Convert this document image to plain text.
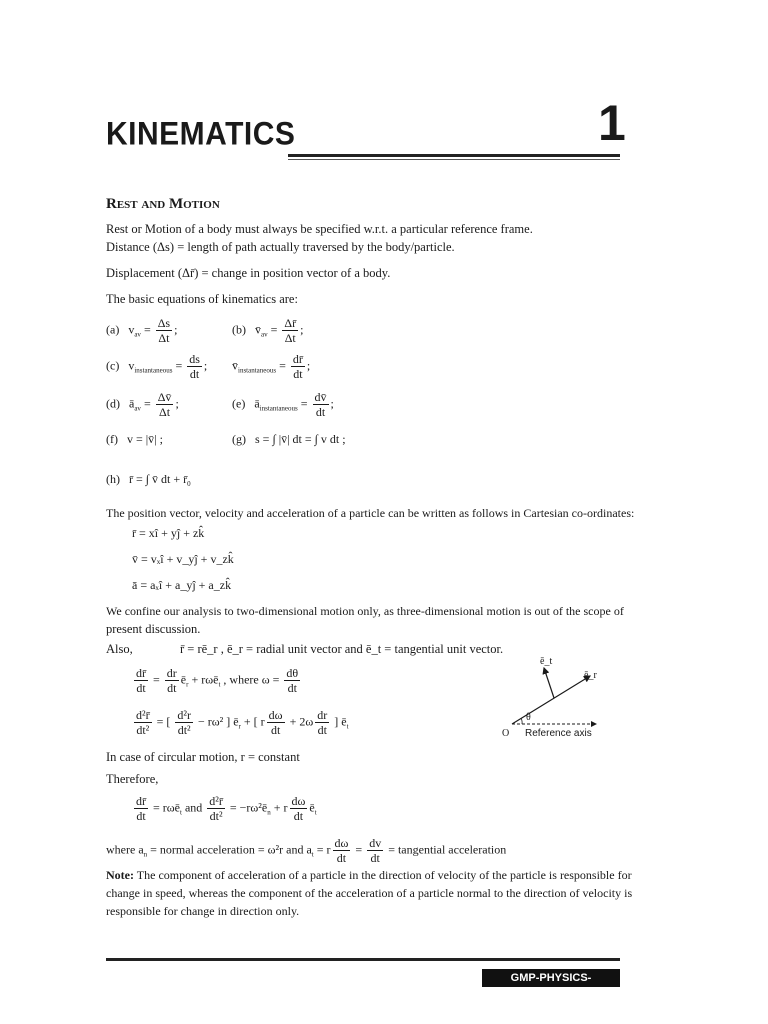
KINEMATICS	1
Rest and Motion
Rest or Motion of a body must always be specified w.r.t. a particular reference frame.
Distance (Δs) = length of path actually traversed by the body/particle.
Displacement (Δr̄) = change in position vector of a body.
The basic equations of kinematics are:
(a)   $v_{av} = \frac{\Delta s}{\Delta t}$ ;	(b)   $v̄_{av} = \frac{\Delta r̄}{\Delta t}$ ;
(c)   $v_{instantaneous} = \frac{ds}{dt}$ ; $v̄_{instantaneous} = \frac{dr̄}{dt}$ ;
(d)   $ā_{av} = \frac{\Delta v̄}{\Delta t}$ ;	(e)   $ā_{instantaneous} = \frac{dv̄}{dt}$ ;
(f)   v = |v̄| ;	(g)   s = ∫ |v̄| dt = ∫ v dt ;
(h)   r̄ = ∫ v̄ dt + $r̄_0$
The position vector, velocity and acceleration of a particle can be written as follows in Cartesian co-ordinates:
r̄ = xî + yĵ + zk̂
v̄ = vₓî + v_yĵ + v_zk̂
ā = aₓî + a_yĵ + a_zk̂
We confine our analysis to two-dimensional motion only, as three-dimensional motion is out of the scope of
present discussion.
Also,	r̄ = rē_r , ē_r = radial unit vector and ē_t = tangential unit vector.
$\frac{dr̄}{dt} = \frac{dr}{dt}$ $ē_r$ + rωē$_t$ , where $\omega = \frac{d\theta}{dt}$
$\frac{\text{d²r̄}}{\text{dt²}}$ = [ $\frac{\text{d²r}}{\text{dt²}} - r\omega^2$ ] $ē_r$ + [ r $\frac{d\omega}{dt} + 2\omega \frac{dr}{dt}$ ] $ē_t$
θ
ē_t
ē_r
O Reference axis
In case of circular motion, r = constant
Therefore,
$\frac{dr̄}{dt}$ = rωē$_t$ and $\frac{\text{d²r̄}}{\text{dt²}}$ = $-r\omega^2ē_n + r \frac{d\omega}{dt}$ $ē_t$
where $a_n$ = normal acceleration = ω²r and $a_t = r \frac{d\omega}{dt} = \frac{dv}{dt}$ = tangential acceleration
Note: The component of acceleration of a particle in the direction of velocity of the particle is responsible for
change in speed, whereas the component of the acceleration of a particle normal to the direction of velocity is
responsible for change in direction only.
GMP-PHYSICS-KINEMATICS
